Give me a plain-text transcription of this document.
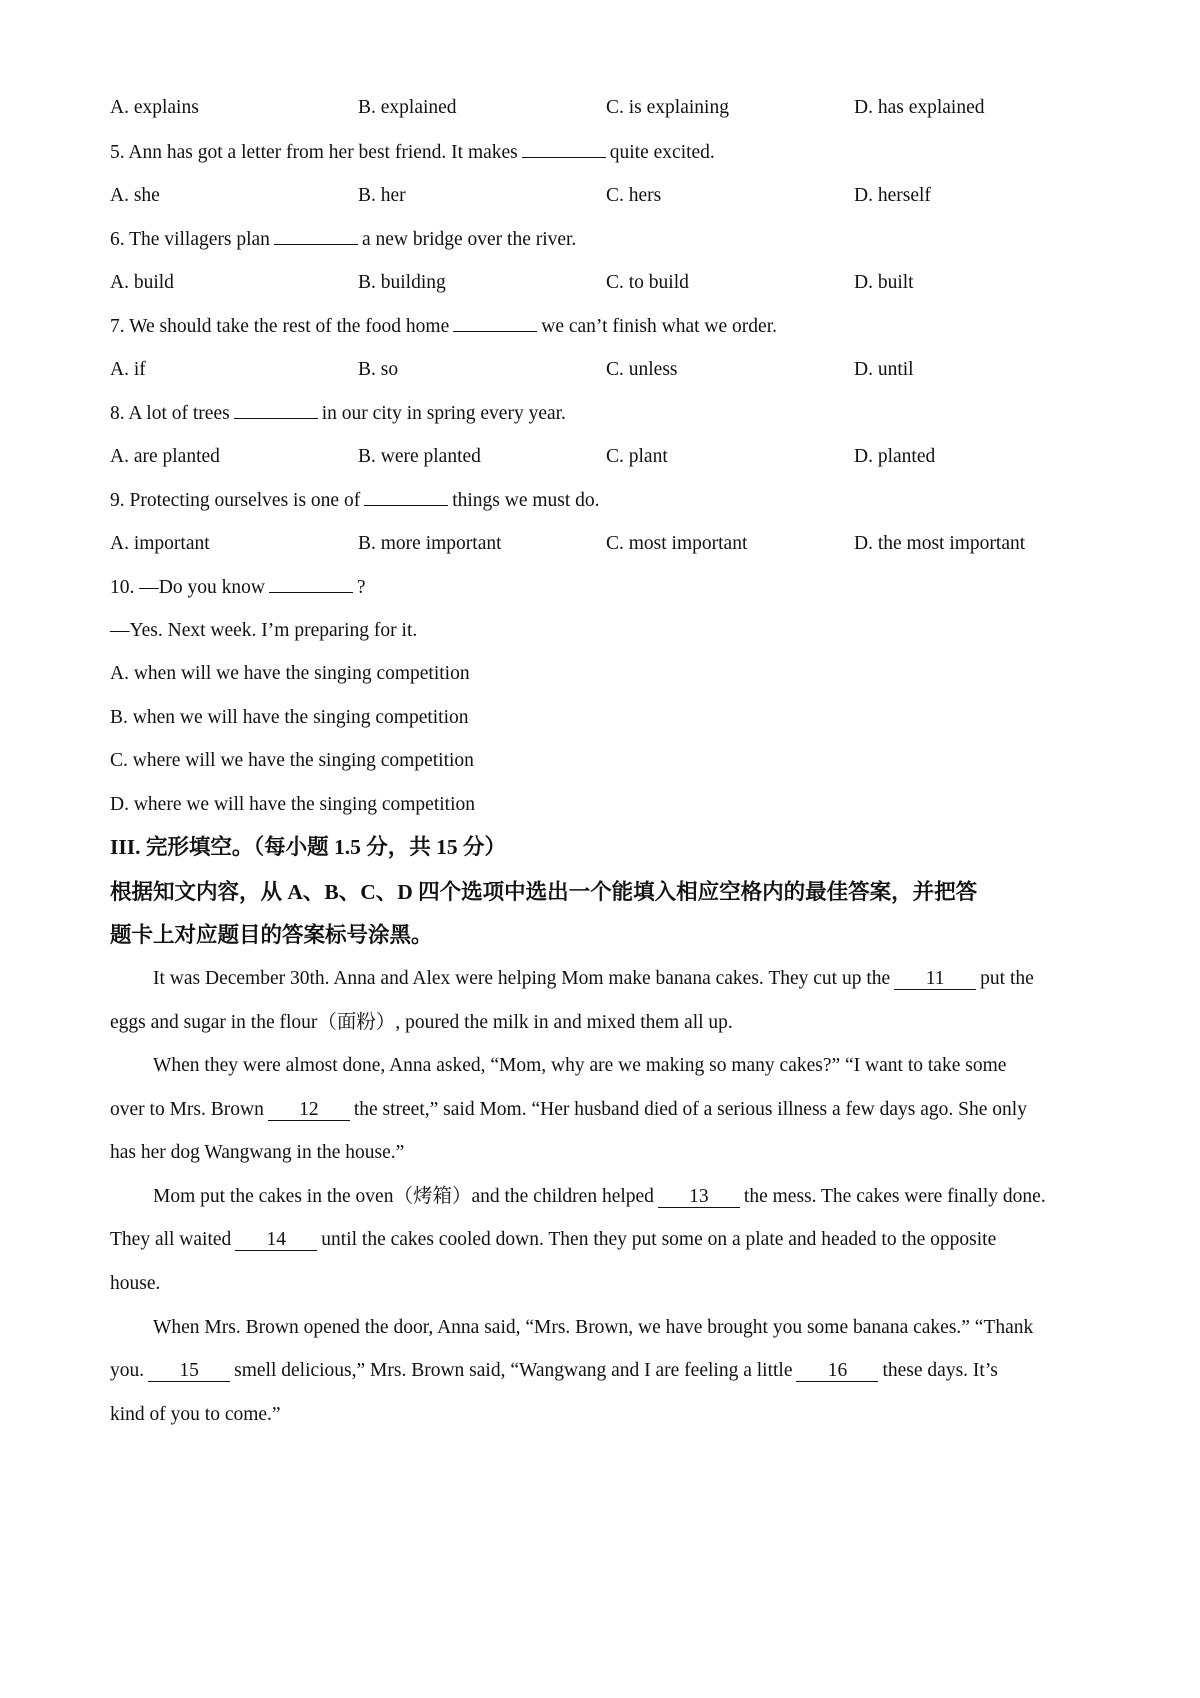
A. explains	B. explained	C. is explaining	D. has explained
5. Ann has got a letter from her best friend. It makes	quite excited.
A. she	B. her	C. hers	D. herself
6. The villagers plan	a new bridge over the river.
A. build	B. building	C. to build	D. built
7. We should take the rest of the food home	we can’t finish what we order.
A. if	B. so	C. unless	D. until
8. A lot of trees	in our city in spring every year.
A. are planted	B. were planted	C. plant	D. planted
9. Protecting ourselves is one of	things we must do.
A. important	B. more important	C. most important	D. the most important
10. —Do you know	?
—Yes. Next week. I’m preparing for it.
A. when will we have the singing competition
B. when we will have the singing competition
C. where will we have the singing competition
D. where we will have the singing competition
III. 完形填空。（每小题 1.5 分，共 15 分）
根据知文内容，从 A、B、C、D 四个选项中选出一个能填入相应空格内的最佳答案，并把答
题卡上对应题目的答案标号涂黑。
It was December 30th. Anna and Alex were helping Mom make banana cakes. They cut up the 11 put the
eggs and sugar in the flour（面粉）, poured the milk in and mixed them all up.
When they were almost done, Anna asked, “Mom, why are we making so many cakes?” “I want to take some
over to Mrs. Brown 12 the street,” said Mom. “Her husband died of a serious illness a few days ago. She only
has her dog Wangwang in the house.”
Mom put the cakes in the oven（烤箱）and the children helped 13 the mess. The cakes were finally done.
They all waited 14 until the cakes cooled down. Then they put some on a plate and headed to the opposite
house.
When Mrs. Brown opened the door, Anna said, “Mrs. Brown, we have brought you some banana cakes.” “Thank
you. 15 smell delicious,” Mrs. Brown said, “Wangwang and I are feeling a little 16 these days. It’s
kind of you to come.”
